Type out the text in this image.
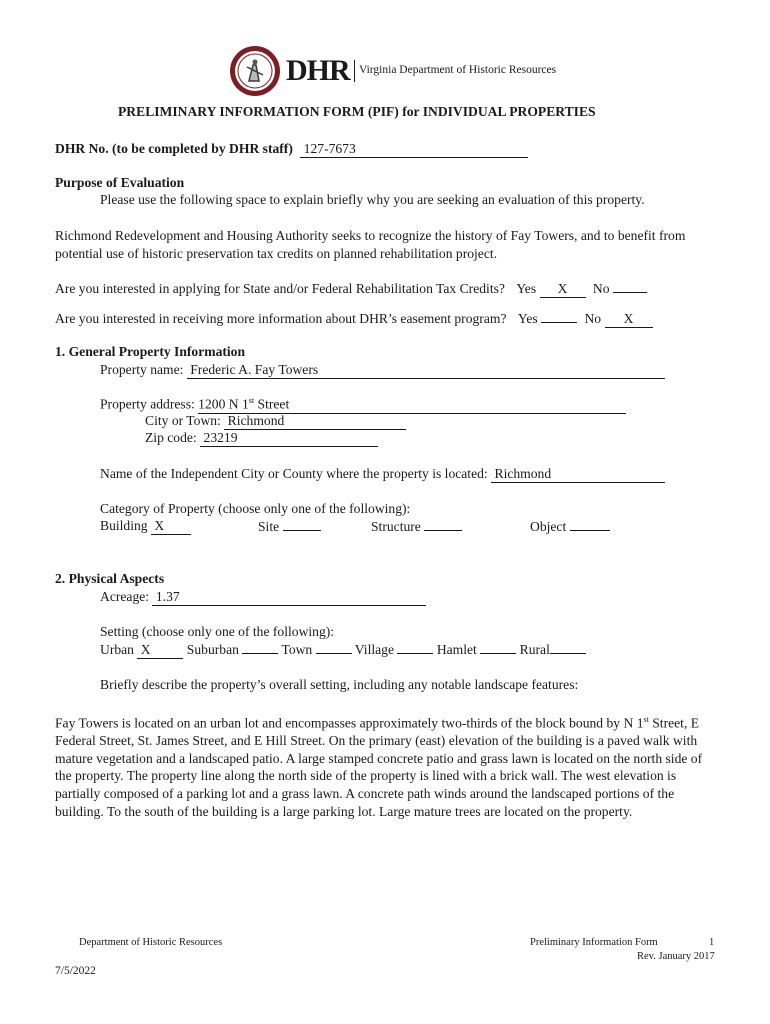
DHR Virginia Department of Historic Resources
PRELIMINARY INFORMATION FORM (PIF) for INDIVIDUAL PROPERTIES
DHR No. (to be completed by DHR staff) 127-7673
Purpose of Evaluation
Please use the following space to explain briefly why you are seeking an evaluation of this property.
Richmond Redevelopment and Housing Authority seeks to recognize the history of Fay Towers, and to benefit from potential use of historic preservation tax credits on planned rehabilitation project.
Are you interested in applying for State and/or Federal Rehabilitation Tax Credits? Yes X No
Are you interested in receiving more information about DHR’s easement program? Yes	No X
1. General Property Information
Property name: Frederic A. Fay Towers
Property address: 1200 N 1st Street
City or Town: Richmond
Zip code: 23219
Name of the Independent City or County where the property is located: Richmond
Category of Property (choose only one of the following):
Building X	Site	Structure	Object
2. Physical Aspects
Acreage: 1.37
Setting (choose only one of the following):
Urban X	Suburban	Town	Village	Hamlet	Rural
Briefly describe the property’s overall setting, including any notable landscape features:
Fay Towers is located on an urban lot and encompasses approximately two-thirds of the block bound by N 1st Street, E Federal Street, St. James Street, and E Hill Street. On the primary (east) elevation of the building is a paved walk with mature vegetation and a landscaped patio. A large stamped concrete patio and grass lawn is located on the north side of the property. The property line along the north side of the property is lined with a brick wall. The west elevation is partially composed of a parking lot and a grass lawn. A concrete path winds around the landscaped portions of the building. To the south of the building is a large parking lot. Large mature trees are located on the property.
Department of Historic Resources	Preliminary Information Form	1
Rev. January 2017
7/5/2022
